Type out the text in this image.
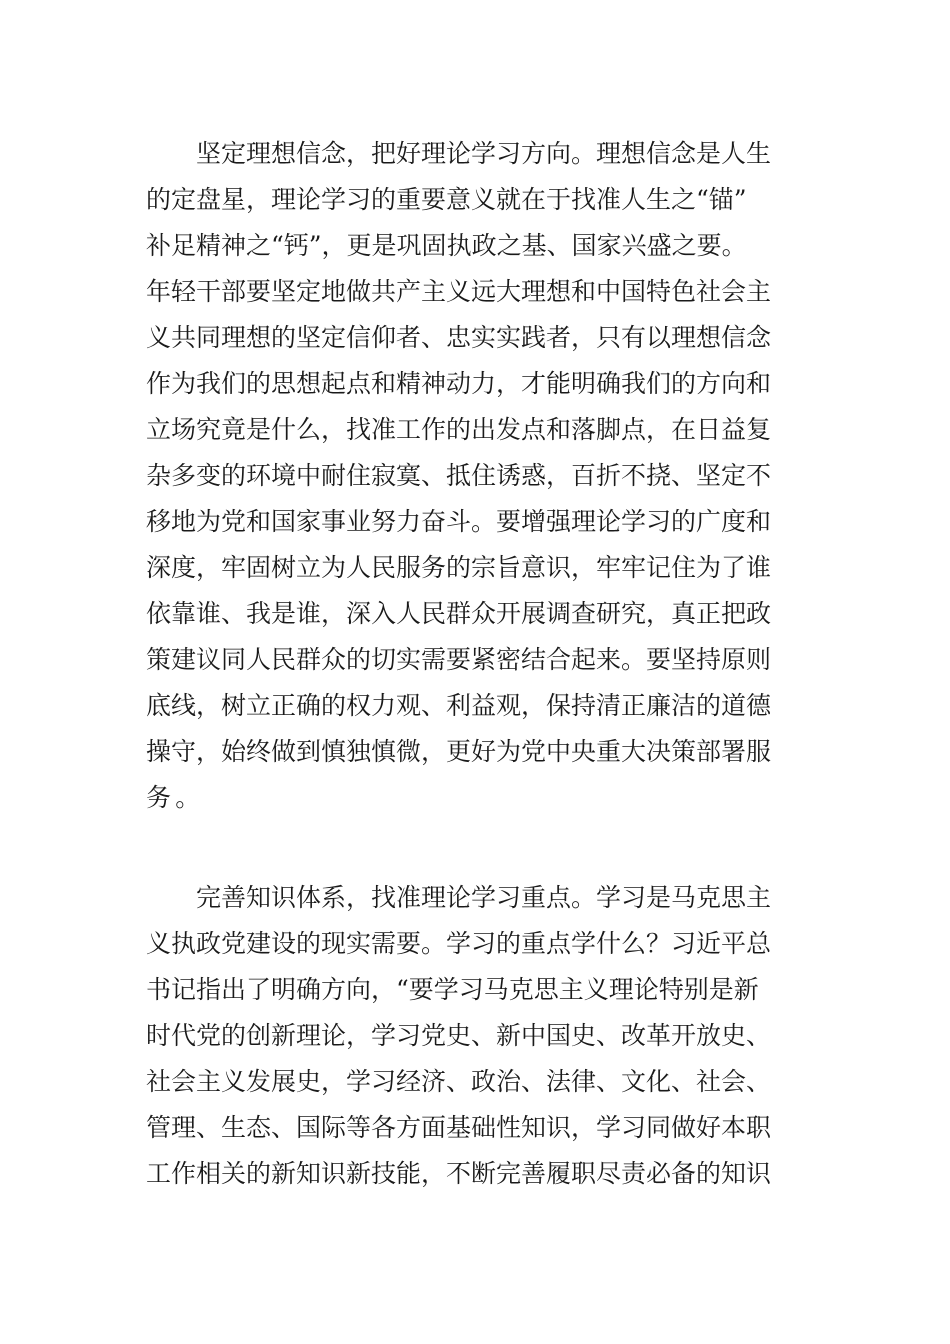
坚定理想信念，把好理论学习方向。理想信念是人生
的定盘星，理论学习的重要意义就在于找准人生之“锚”
补足精神之“钙”，更是巩固执政之基、国家兴盛之要。
年轻干部要坚定地做共产主义远大理想和中国特色社会主
义共同理想的坚定信仰者、忠实实践者，只有以理想信念
作为我们的思想起点和精神动力，才能明确我们的方向和
立场究竟是什么，找准工作的出发点和落脚点，在日益复
杂多变的环境中耐住寂寞、抵住诱惑，百折不挠、坚定不
移地为党和国家事业努力奋斗。要增强理论学习的广度和
深度，牢固树立为人民服务的宗旨意识，牢牢记住为了谁
依靠谁、我是谁，深入人民群众开展调查研究，真正把政
策建议同人民群众的切实需要紧密结合起来。要坚持原则
底线，树立正确的权力观、利益观，保持清正廉洁的道德
操守，始终做到慎独慎微，更好为党中央重大决策部署服
务。
完善知识体系，找准理论学习重点。学习是马克思主
义执政党建设的现实需要。学习的重点学什么？习近平总
书记指出了明确方向，“要学习马克思主义理论特别是新
时代党的创新理论，学习党史、新中国史、改革开放史、
社会主义发展史，学习经济、政治、法律、文化、社会、
管理、生态、国际等各方面基础性知识，学习同做好本职
工作相关的新知识新技能，不断完善履职尽责必备的知识
